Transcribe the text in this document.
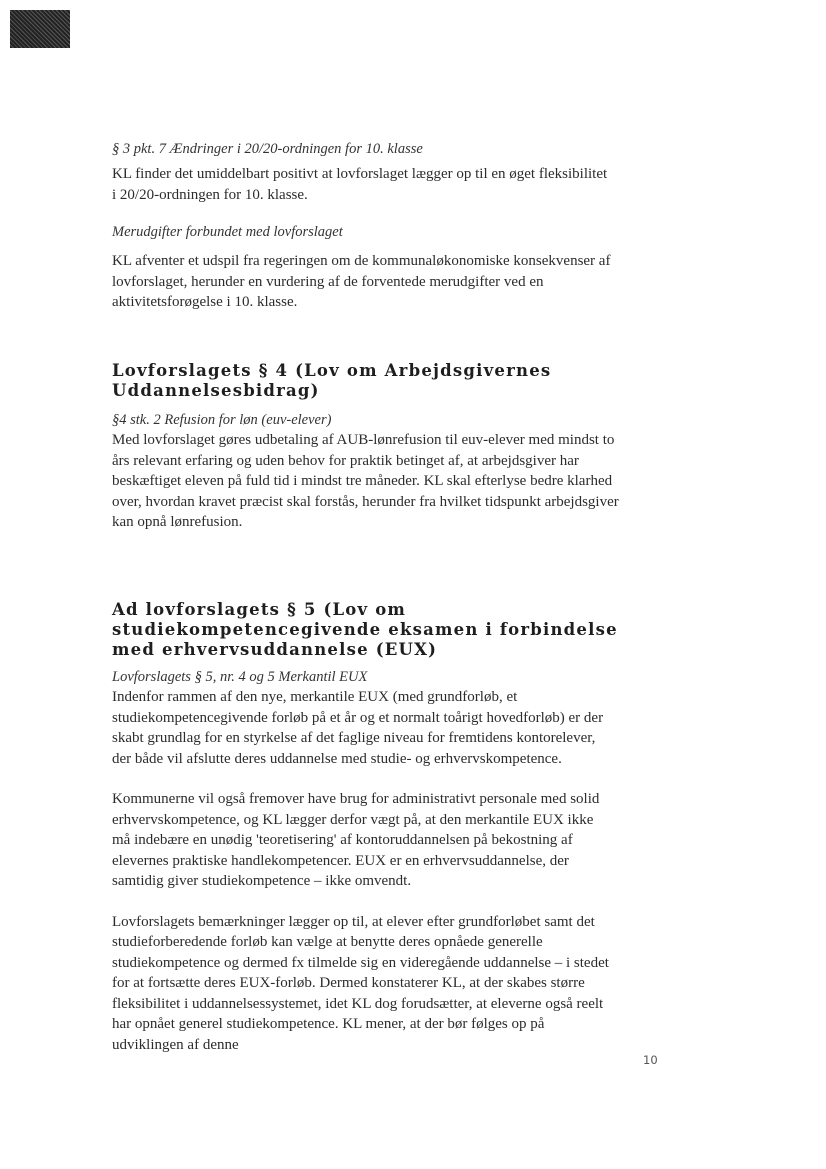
§ 3 pkt. 7 Ændringer i 20/20-ordningen for 10. klasse

KL finder det umiddelbart positivt at lovforslaget lægger op til en øget fleksibilitet i 20/20-ordningen for 10. klasse.

Merudgifter forbundet med lovforslaget

KL afventer et udspil fra regeringen om de kommunaløkonomiske konsekvenser af lovforslaget, herunder en vurdering af de forventede merudgifter ved en aktivitetsforøgelse i 10. klasse.

Lovforslagets § 4 (Lov om Arbejdsgivernes Uddannelsesbidrag)

§4 stk. 2 Refusion for løn (euv-elever)

Med lovforslaget gøres udbetaling af AUB-lønrefusion til euv-elever med mindst to års relevant erfaring og uden behov for praktik betinget af, at arbejdsgiver har beskæftiget eleven på fuld tid i mindst tre måneder. KL skal efterlyse bedre klarhed over, hvordan kravet præcist skal forstås, herunder fra hvilket tidspunkt arbejdsgiver kan opnå lønrefusion.

Ad lovforslagets § 5 (Lov om studiekompetencegivende eksamen i forbindelse med erhvervsuddannelse (EUX)

Lovforslagets § 5, nr. 4 og 5 Merkantil EUX

Indenfor rammen af den nye, merkantile EUX (med grundforløb, et studiekompetencegivende forløb på et år og et normalt toårigt hovedforløb) er der skabt grundlag for en styrkelse af det faglige niveau for fremtidens kontorelever, der både vil afslutte deres uddannelse med studie- og erhvervskompetence.

Kommunerne vil også fremover have brug for administrativt personale med solid erhvervskompetence, og KL lægger derfor vægt på, at den merkantile EUX ikke må indebære en unødig 'teoretisering' af kontoruddannelsen på bekostning af elevernes praktiske handlekompetencer. EUX er en erhvervsuddannelse, der samtidig giver studiekompetence – ikke omvendt.

Lovforslagets bemærkninger lægger op til, at elever efter grundforløbet samt det studieforberedende forløb kan vælge at benytte deres opnåede generelle studiekompetence og dermed fx tilmelde sig en videregående uddannelse – i stedet for at fortsætte deres EUX-forløb. Dermed konstaterer KL, at der skabes større fleksibilitet i uddannelsessystemet, idet KL dog forudsætter, at eleverne også reelt har opnået generel studiekompetence. KL mener, at der bør følges op på udviklingen af denne

10
